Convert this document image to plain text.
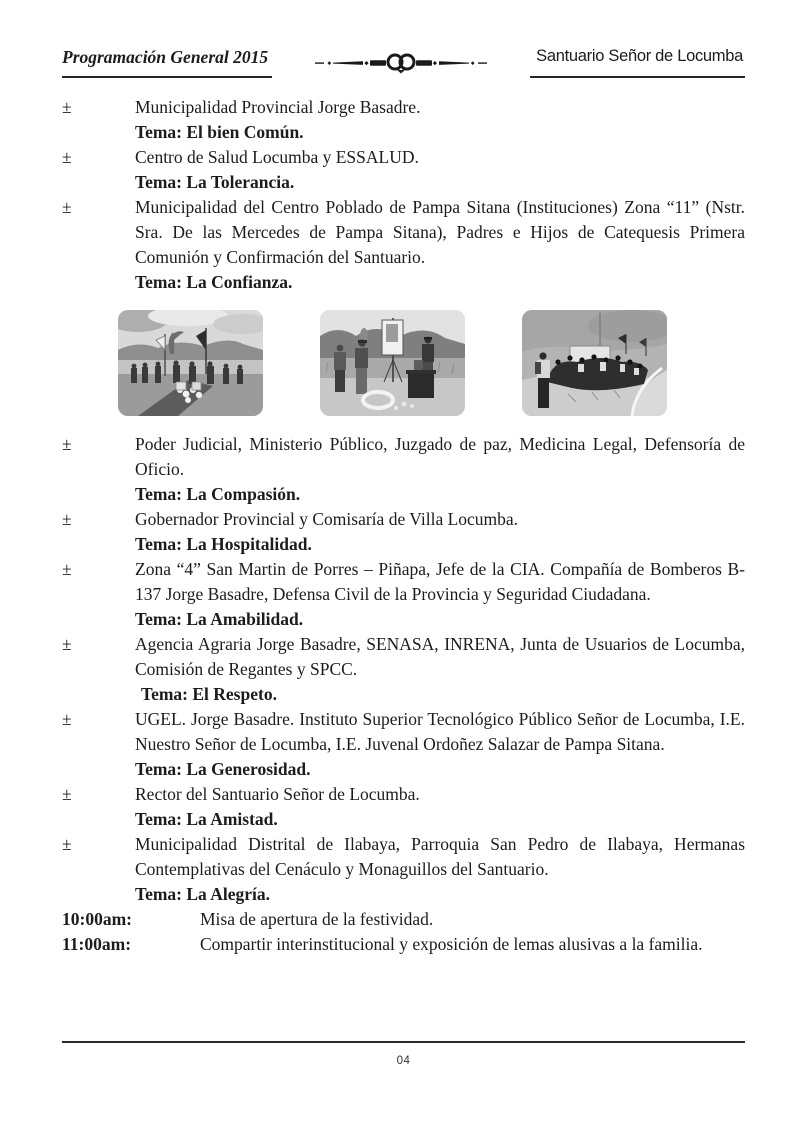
Programación General 2015	Santuario Señor de Locumba
±	Municipalidad Provincial Jorge Basadre.

Tema: El bien Común.

±	Centro de Salud Locumba y ESSALUD.

Tema: La Tolerancia.

±	Municipalidad del Centro Poblado de Pampa Sitana (Instituciones) Zona “11” (Nstr. Sra. De las Mercedes de Pampa Sitana), Padres e Hijos de Catequesis Primera Comunión y Confirmación del Santuario.

Tema: La Confianza.

±	Poder Judicial, Ministerio Público, Juzgado de paz, Medicina Legal, Defensoría de Oficio.

Tema: La Compasión.

±	Gobernador Provincial y Comisaría de Villa Locumba.

Tema: La Hospitalidad.

±	Zona “4” San Martin de Porres – Piñapa, Jefe de la CIA. Compañía de Bomberos B-137 Jorge Basadre, Defensa Civil de la Provincia y Seguridad Ciudadana.

Tema: La Amabilidad.

±	Agencia Agraria Jorge Basadre, SENASA, INRENA, Junta de Usuarios de Locumba, Comisión de Regantes y SPCC.

Tema: El Respeto.

±	UGEL. Jorge Basadre. Instituto Superior Tecnológico Público Señor de Locumba, I.E. Nuestro Señor de Locumba, I.E. Juvenal Ordoñez Salazar de Pampa Sitana.

Tema: La Generosidad.

±	Rector del Santuario Señor de Locumba.

Tema: La Amistad.

±	Municipalidad Distrital de Ilabaya, Parroquia San Pedro de Ilabaya, Hermanas Contemplativas del Cenáculo y Monaguillos del Santuario.

Tema: La Alegría.

10:00am:	Misa de apertura de la festividad.

11:00am:	Compartir interinstitucional y exposición de lemas alusivas a la familia.

04
